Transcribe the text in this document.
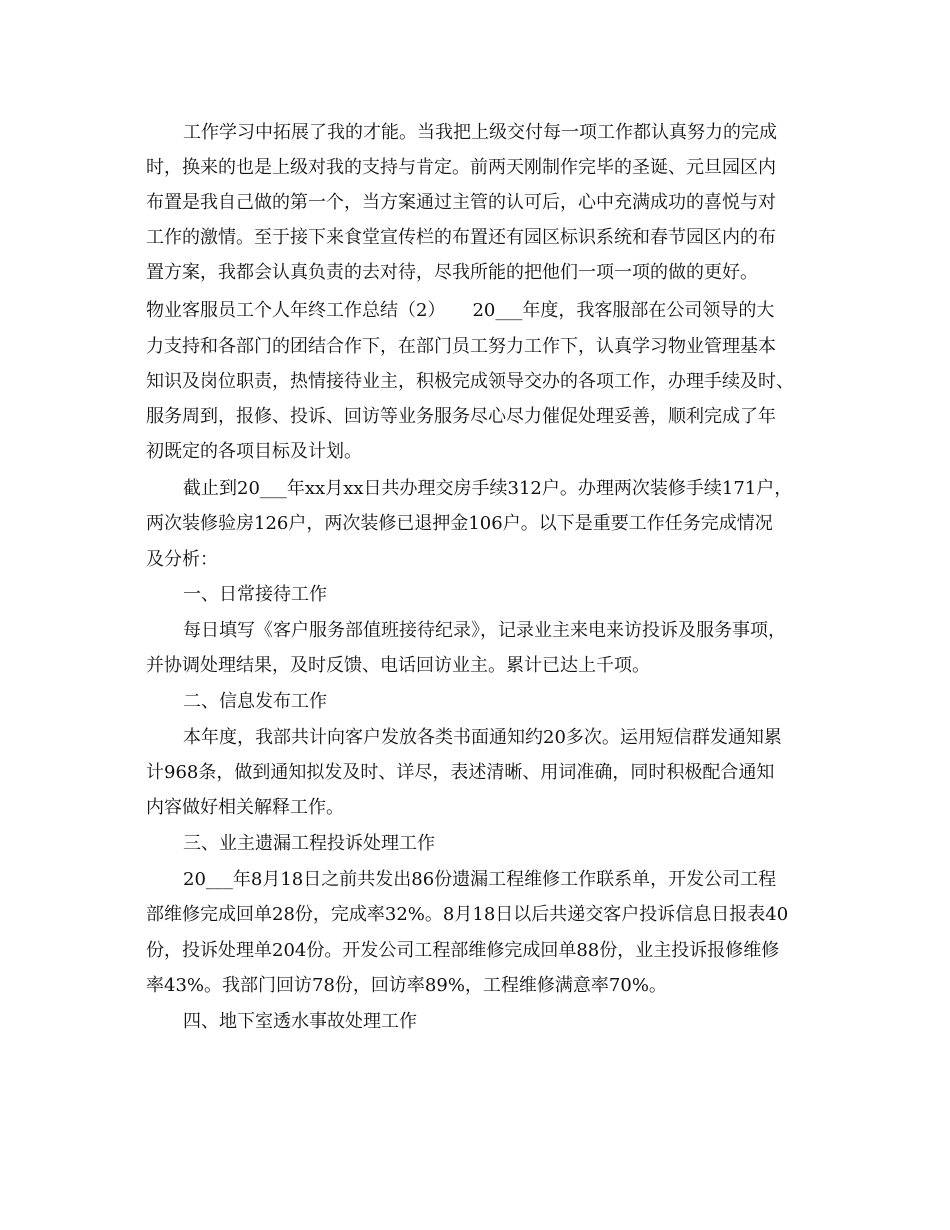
工作学习中拓展了我的才能。当我把上级交付每一项工作都认真努力的完成

时，换来的也是上级对我的支持与肯定。前两天刚制作完毕的圣诞、元旦园区内

布置是我自己做的第一个，当方案通过主管的认可后，心中充满成功的喜悦与对

工作的激情。至于接下来食堂宣传栏的布置还有园区标识系统和春节园区内的布

置方案，我都会认真负责的去对待，尽我所能的把他们一项一项的做的更好。

物业客服员工个人年终工作总结（2）　　20___年度，我客服部在公司领导的大

力支持和各部门的团结合作下，在部门员工努力工作下，认真学习物业管理基本

知识及岗位职责，热情接待业主，积极完成领导交办的各项工作，办理手续及时、

服务周到，报修、投诉、回访等业务服务尽心尽力催促处理妥善，顺利完成了年

初既定的各项目标及计划。

截止到20___年xx月xx日共办理交房手续312户。办理两次装修手续171户，

两次装修验房126户，两次装修已退押金106户。以下是重要工作任务完成情况

及分析：

一、日常接待工作

每日填写《客户服务部值班接待纪录》，记录业主来电来访投诉及服务事项，

并协调处理结果，及时反馈、电话回访业主。累计已达上千项。

二、信息发布工作

本年度，我部共计向客户发放各类书面通知约20多次。运用短信群发通知累

计968条，做到通知拟发及时、详尽，表述清晰、用词准确，同时积极配合通知

内容做好相关解释工作。

三、业主遗漏工程投诉处理工作

20___年8月18日之前共发出86份遗漏工程维修工作联系单，开发公司工程

部维修完成回单28份，完成率32%。8月18日以后共递交客户投诉信息日报表40

份，投诉处理单204份。开发公司工程部维修完成回单88份，业主投诉报修维修

率43%。我部门回访78份，回访率89%，工程维修满意率70%。

四、地下室透水事故处理工作
